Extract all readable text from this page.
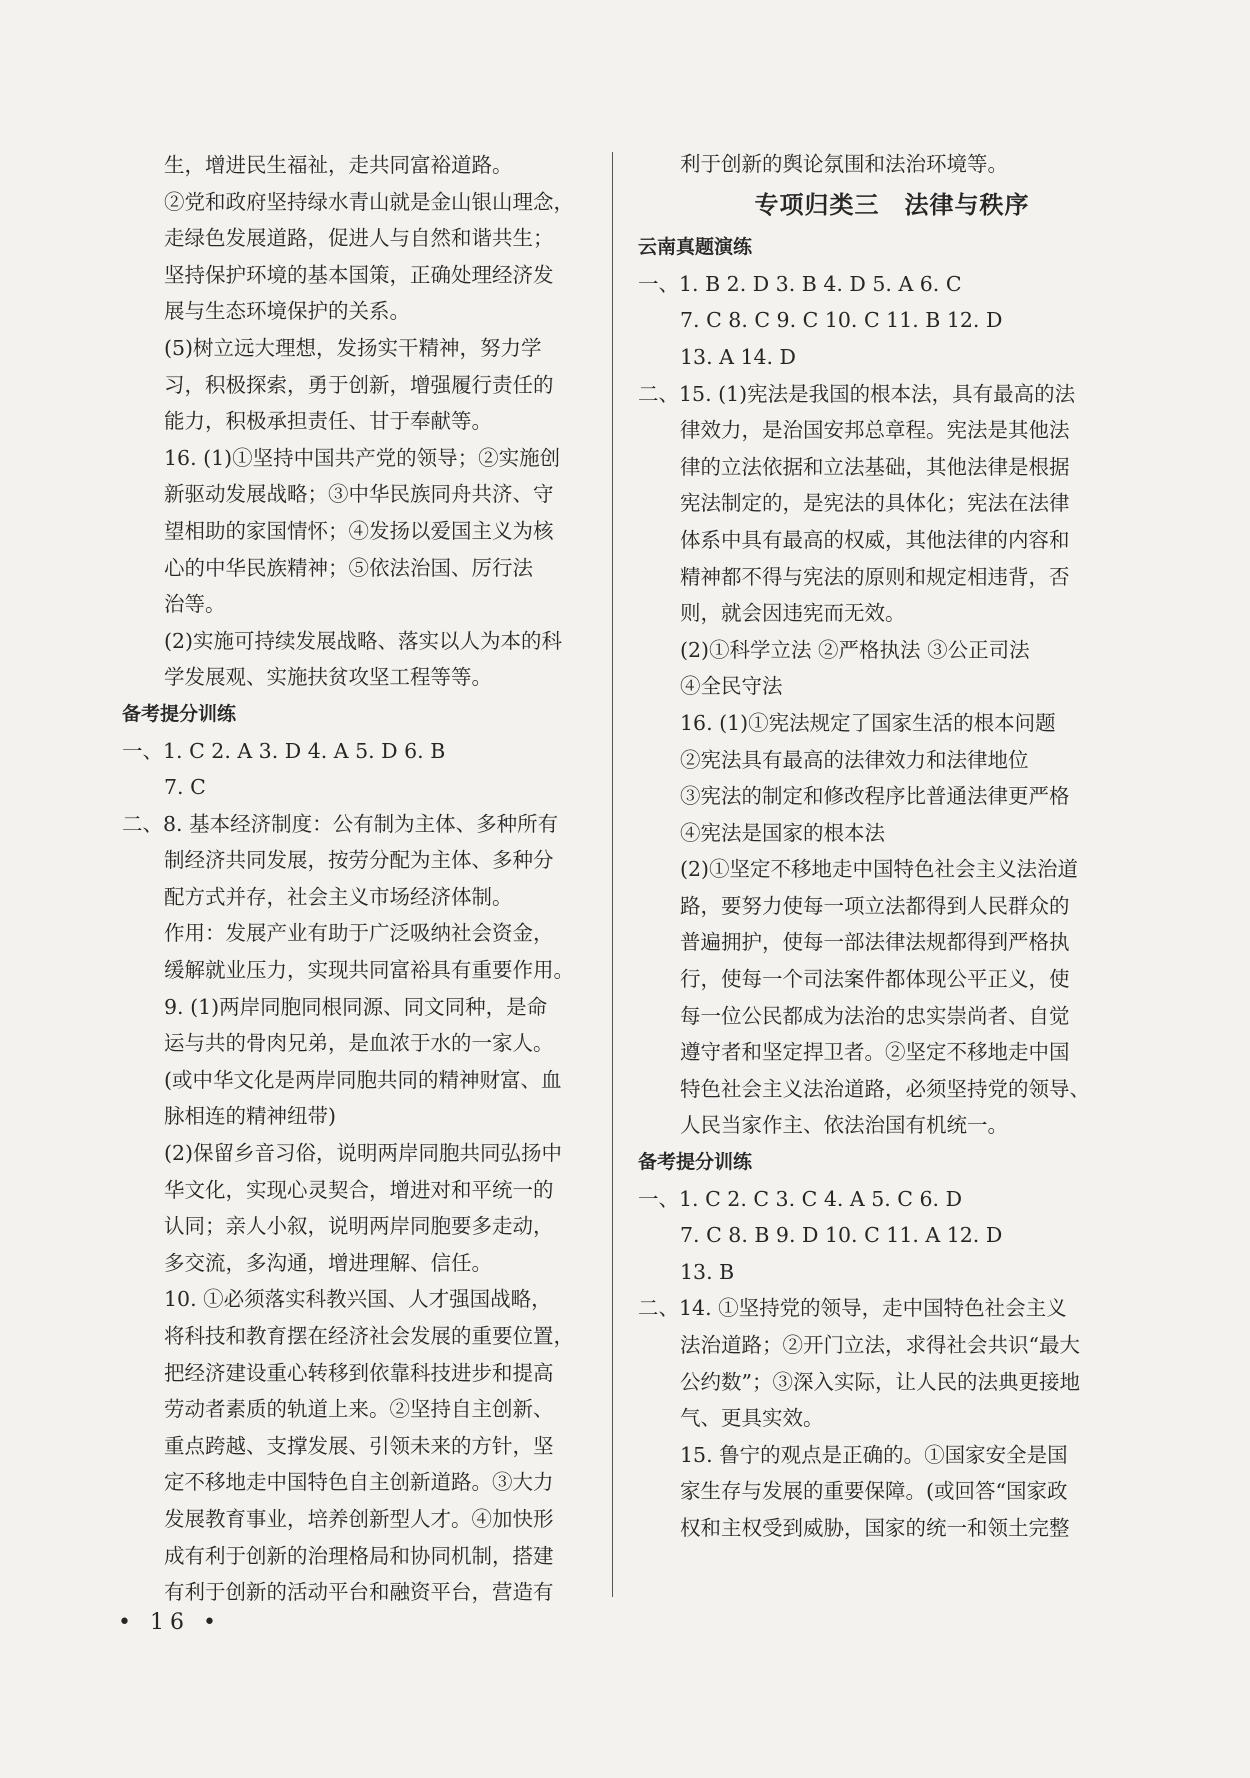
生，增进民生福祉，走共同富裕道路。
②党和政府坚持绿水青山就是金山银山理念，
走绿色发展道路，促进人与自然和谐共生；
坚持保护环境的基本国策，正确处理经济发
展与生态环境保护的关系。
(5)树立远大理想，发扬实干精神，努力学
习，积极探索，勇于创新，增强履行责任的
能力，积极承担责任、甘于奉献等。
16. (1)①坚持中国共产党的领导；②实施创
新驱动发展战略；③中华民族同舟共济、守
望相助的家国情怀；④发扬以爱国主义为核
心的中华民族精神；⑤依法治国、厉行法
治等。
(2)实施可持续发展战略、落实以人为本的科
学发展观、实施扶贫攻坚工程等等。
备考提分训练
一、1. C 2. A 3. D 4. A 5. D 6. B
7. C
二、8. 基本经济制度：公有制为主体、多种所有
制经济共同发展，按劳分配为主体、多种分
配方式并存，社会主义市场经济体制。
作用：发展产业有助于广泛吸纳社会资金，
缓解就业压力，实现共同富裕具有重要作用。
9. (1)两岸同胞同根同源、同文同种，是命
运与共的骨肉兄弟，是血浓于水的一家人。
(或中华文化是两岸同胞共同的精神财富、血
脉相连的精神纽带)
(2)保留乡音习俗，说明两岸同胞共同弘扬中
华文化，实现心灵契合，增进对和平统一的
认同；亲人小叙，说明两岸同胞要多走动，
多交流，多沟通，增进理解、信任。
10. ①必须落实科教兴国、人才强国战略，
将科技和教育摆在经济社会发展的重要位置，
把经济建设重心转移到依靠科技进步和提高
劳动者素质的轨道上来。②坚持自主创新、
重点跨越、支撑发展、引领未来的方针，坚
定不移地走中国特色自主创新道路。③大力
发展教育事业，培养创新型人才。④加快形
成有利于创新的治理格局和协同机制，搭建
有利于创新的活动平台和融资平台，营造有
利于创新的舆论氛围和法治环境等。
专项归类三　法律与秩序
云南真题演练
一、1. B 2. D 3. B 4. D 5. A 6. C
7. C 8. C 9. C 10. C 11. B 12. D
13. A 14. D
二、15. (1)宪法是我国的根本法，具有最高的法
律效力，是治国安邦总章程。宪法是其他法
律的立法依据和立法基础，其他法律是根据
宪法制定的，是宪法的具体化；宪法在法律
体系中具有最高的权威，其他法律的内容和
精神都不得与宪法的原则和规定相违背，否
则，就会因违宪而无效。
(2)①科学立法 ②严格执法 ③公正司法
④全民守法
16. (1)①宪法规定了国家生活的根本问题
②宪法具有最高的法律效力和法律地位
③宪法的制定和修改程序比普通法律更严格
④宪法是国家的根本法
(2)①坚定不移地走中国特色社会主义法治道
路，要努力使每一项立法都得到人民群众的
普遍拥护，使每一部法律法规都得到严格执
行，使每一个司法案件都体现公平正义，使
每一位公民都成为法治的忠实崇尚者、自觉
遵守者和坚定捍卫者。②坚定不移地走中国
特色社会主义法治道路，必须坚持党的领导、
人民当家作主、依法治国有机统一。
备考提分训练
一、1. C 2. C 3. C 4. A 5. C 6. D
7. C 8. B 9. D 10. C 11. A 12. D
13. B
二、14. ①坚持党的领导，走中国特色社会主义
法治道路；②开门立法，求得社会共识“最大
公约数”；③深入实际，让人民的法典更接地
气、更具实效。
15. 鲁宁的观点是正确的。①国家安全是国
家生存与发展的重要保障。(或回答“国家政
权和主权受到威胁，国家的统一和领土完整
• 16 •
